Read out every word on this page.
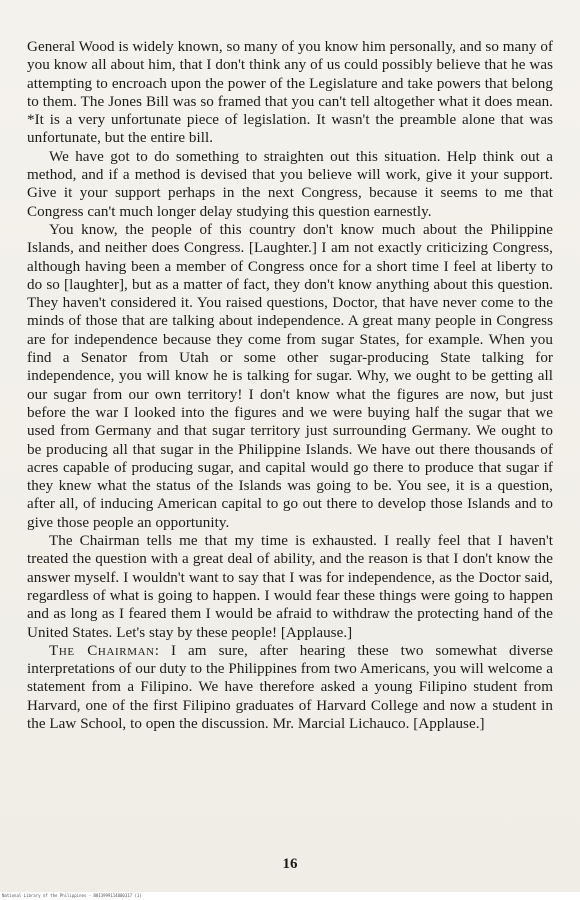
General Wood is widely known, so many of you know him personally, and so many of you know all about him, that I don't think any of us could possibly believe that he was attempting to encroach upon the power of the Legislature and take powers that belong to them. The Jones Bill was so framed that you can't tell altogether what it does mean. *It is a very unfortunate piece of legislation. It wasn't the preamble alone that was unfortunate, but the entire bill.

We have got to do something to straighten out this situation. Help think out a method, and if a method is devised that you believe will work, give it your support. Give it your support perhaps in the next Congress, because it seems to me that Congress can't much longer delay studying this question earnestly.

You know, the people of this country don't know much about the Philippine Islands, and neither does Congress. [Laughter.] I am not exactly criticizing Congress, although having been a member of Congress once for a short time I feel at liberty to do so [laughter], but as a matter of fact, they don't know anything about this question. They haven't considered it. You raised questions, Doctor, that have never come to the minds of those that are talking about independence. A great many people in Congress are for independence because they come from sugar States, for example. When you find a Senator from Utah or some other sugar-producing State talking for independence, you will know he is talking for sugar. Why, we ought to be getting all our sugar from our own territory! I don't know what the figures are now, but just before the war I looked into the figures and we were buying half the sugar that we used from Germany and that sugar territory just surrounding Germany. We ought to be producing all that sugar in the Philippine Islands. We have out there thousands of acres capable of producing sugar, and capital would go there to produce that sugar if they knew what the status of the Islands was going to be. You see, it is a question, after all, of inducing American capital to go out there to develop those Islands and to give those people an opportunity.

The Chairman tells me that my time is exhausted. I really feel that I haven't treated the question with a great deal of ability, and the reason is that I don't know the answer myself. I wouldn't want to say that I was for independence, as the Doctor said, regardless of what is going to happen. I would fear these things were going to happen and as long as I feared them I would be afraid to withdraw the protecting hand of the United States. Let's stay by these people! [Applause.]

The Chairman: I am sure, after hearing these two somewhat diverse interpretations of our duty to the Philippines from two Americans, you will welcome a statement from a Filipino. We have therefore asked a young Filipino student from Harvard, one of the first Filipino graduates of Harvard College and now a student in the Law School, to open the discussion. Mr. Marcial Lichauco. [Applause.]

16
National Library of the Philippines · B013999114000317 (1)
